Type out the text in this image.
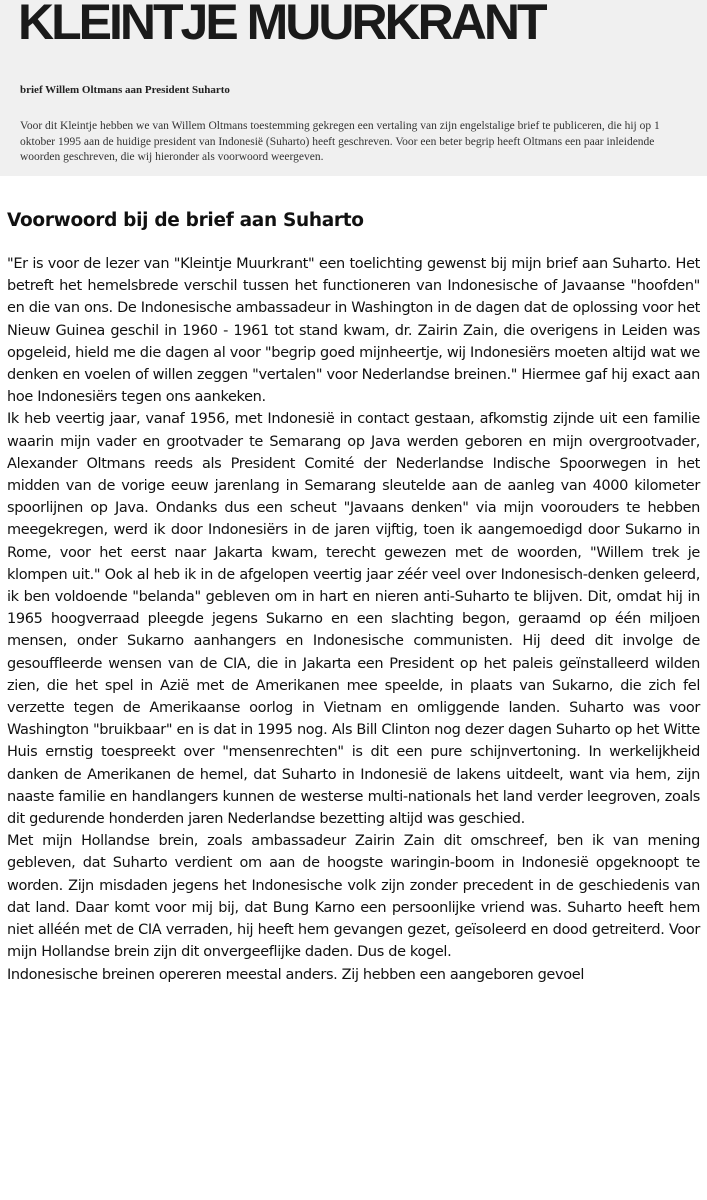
KLEINTJE MUURKRANT
brief Willem Oltmans aan President Suharto

Voor dit Kleintje hebben we van Willem Oltmans toestemming gekregen een vertaling van zijn engelstalige brief te publiceren, die hij op 1 oktober 1995 aan de huidige president van Indonesië (Suharto) heeft geschreven. Voor een beter begrip heeft Oltmans een paar inleidende woorden geschreven, die wij hieronder als voorwoord weergeven.

Voorwoord bij de brief aan Suharto

"Er is voor de lezer van "Kleintje Muurkrant" een toelichting gewenst bij mijn brief aan Suharto. Het betreft het hemelsbrede verschil tussen het functioneren van Indonesische of Javaanse "hoofden" en die van ons. De Indonesische ambassadeur in Washington in de dagen dat de oplossing voor het Nieuw Guinea geschil in 1960 - 1961 tot stand kwam, dr. Zairin Zain, die overigens in Leiden was opgeleid, hield me die dagen al voor "begrip goed mijnheertje, wij Indonesiërs moeten altijd wat we denken en voelen of willen zeggen "vertalen" voor Nederlandse breinen." Hiermee gaf hij exact aan hoe Indonesiërs tegen ons aankeken.

Ik heb veertig jaar, vanaf 1956, met Indonesië in contact gestaan, afkomstig zijnde uit een familie waarin mijn vader en grootvader te Semarang op Java werden geboren en mijn overgrootvader, Alexander Oltmans reeds als President Comité der Nederlandse Indische Spoorwegen in het midden van de vorige eeuw jarenlang in Semarang sleutelde aan de aanleg van 4000 kilometer spoorlijnen op Java. Ondanks dus een scheut "Javaans denken" via mijn voorouders te hebben meegekregen, werd ik door Indonesiërs in de jaren vijftig, toen ik aangemoedigd door Sukarno in Rome, voor het eerst naar Jakarta kwam, terecht gewezen met de woorden, "Willem trek je klompen uit." Ook al heb ik in de afgelopen veertig jaar zéér veel over Indonesisch-denken geleerd, ik ben voldoende "belanda" gebleven om in hart en nieren anti-Suharto te blijven. Dit, omdat hij in 1965 hoogverraad pleegde jegens Sukarno en een slachting begon, geraamd op één miljoen mensen, onder Sukarno aanhangers en Indonesische communisten. Hij deed dit involge de gesouffleerde wensen van de CIA, die in Jakarta een President op het paleis geïnstalleerd wilden zien, die het spel in Azië met de Amerikanen mee speelde, in plaats van Sukarno, die zich fel verzette tegen de Amerikaanse oorlog in Vietnam en omliggende landen. Suharto was voor Washington "bruikbaar" en is dat in 1995 nog. Als Bill Clinton nog dezer dagen Suharto op het Witte Huis ernstig toespreekt over "mensenrechten" is dit een pure schijnvertoning. In werkelijkheid danken de Amerikanen de hemel, dat Suharto in Indonesië de lakens uitdeelt, want via hem, zijn naaste familie en handlangers kunnen de westerse multi-nationals het land verder leegroven, zoals dit gedurende honderden jaren Nederlandse bezetting altijd was geschied.

Met mijn Hollandse brein, zoals ambassadeur Zairin Zain dit omschreef, ben ik van mening gebleven, dat Suharto verdient om aan de hoogste waringin-boom in Indonesië opgeknoopt te worden. Zijn misdaden jegens het Indonesische volk zijn zonder precedent in de geschiedenis van dat land. Daar komt voor mij bij, dat Bung Karno een persoonlijke vriend was. Suharto heeft hem niet alléén met de CIA verraden, hij heeft hem gevangen gezet, geïsoleerd en dood getreiterd. Voor mijn Hollandse brein zijn dit onvergeeflijke daden. Dus de kogel.

Indonesische breinen opereren meestal anders. Zij hebben een aangeboren gevoel
